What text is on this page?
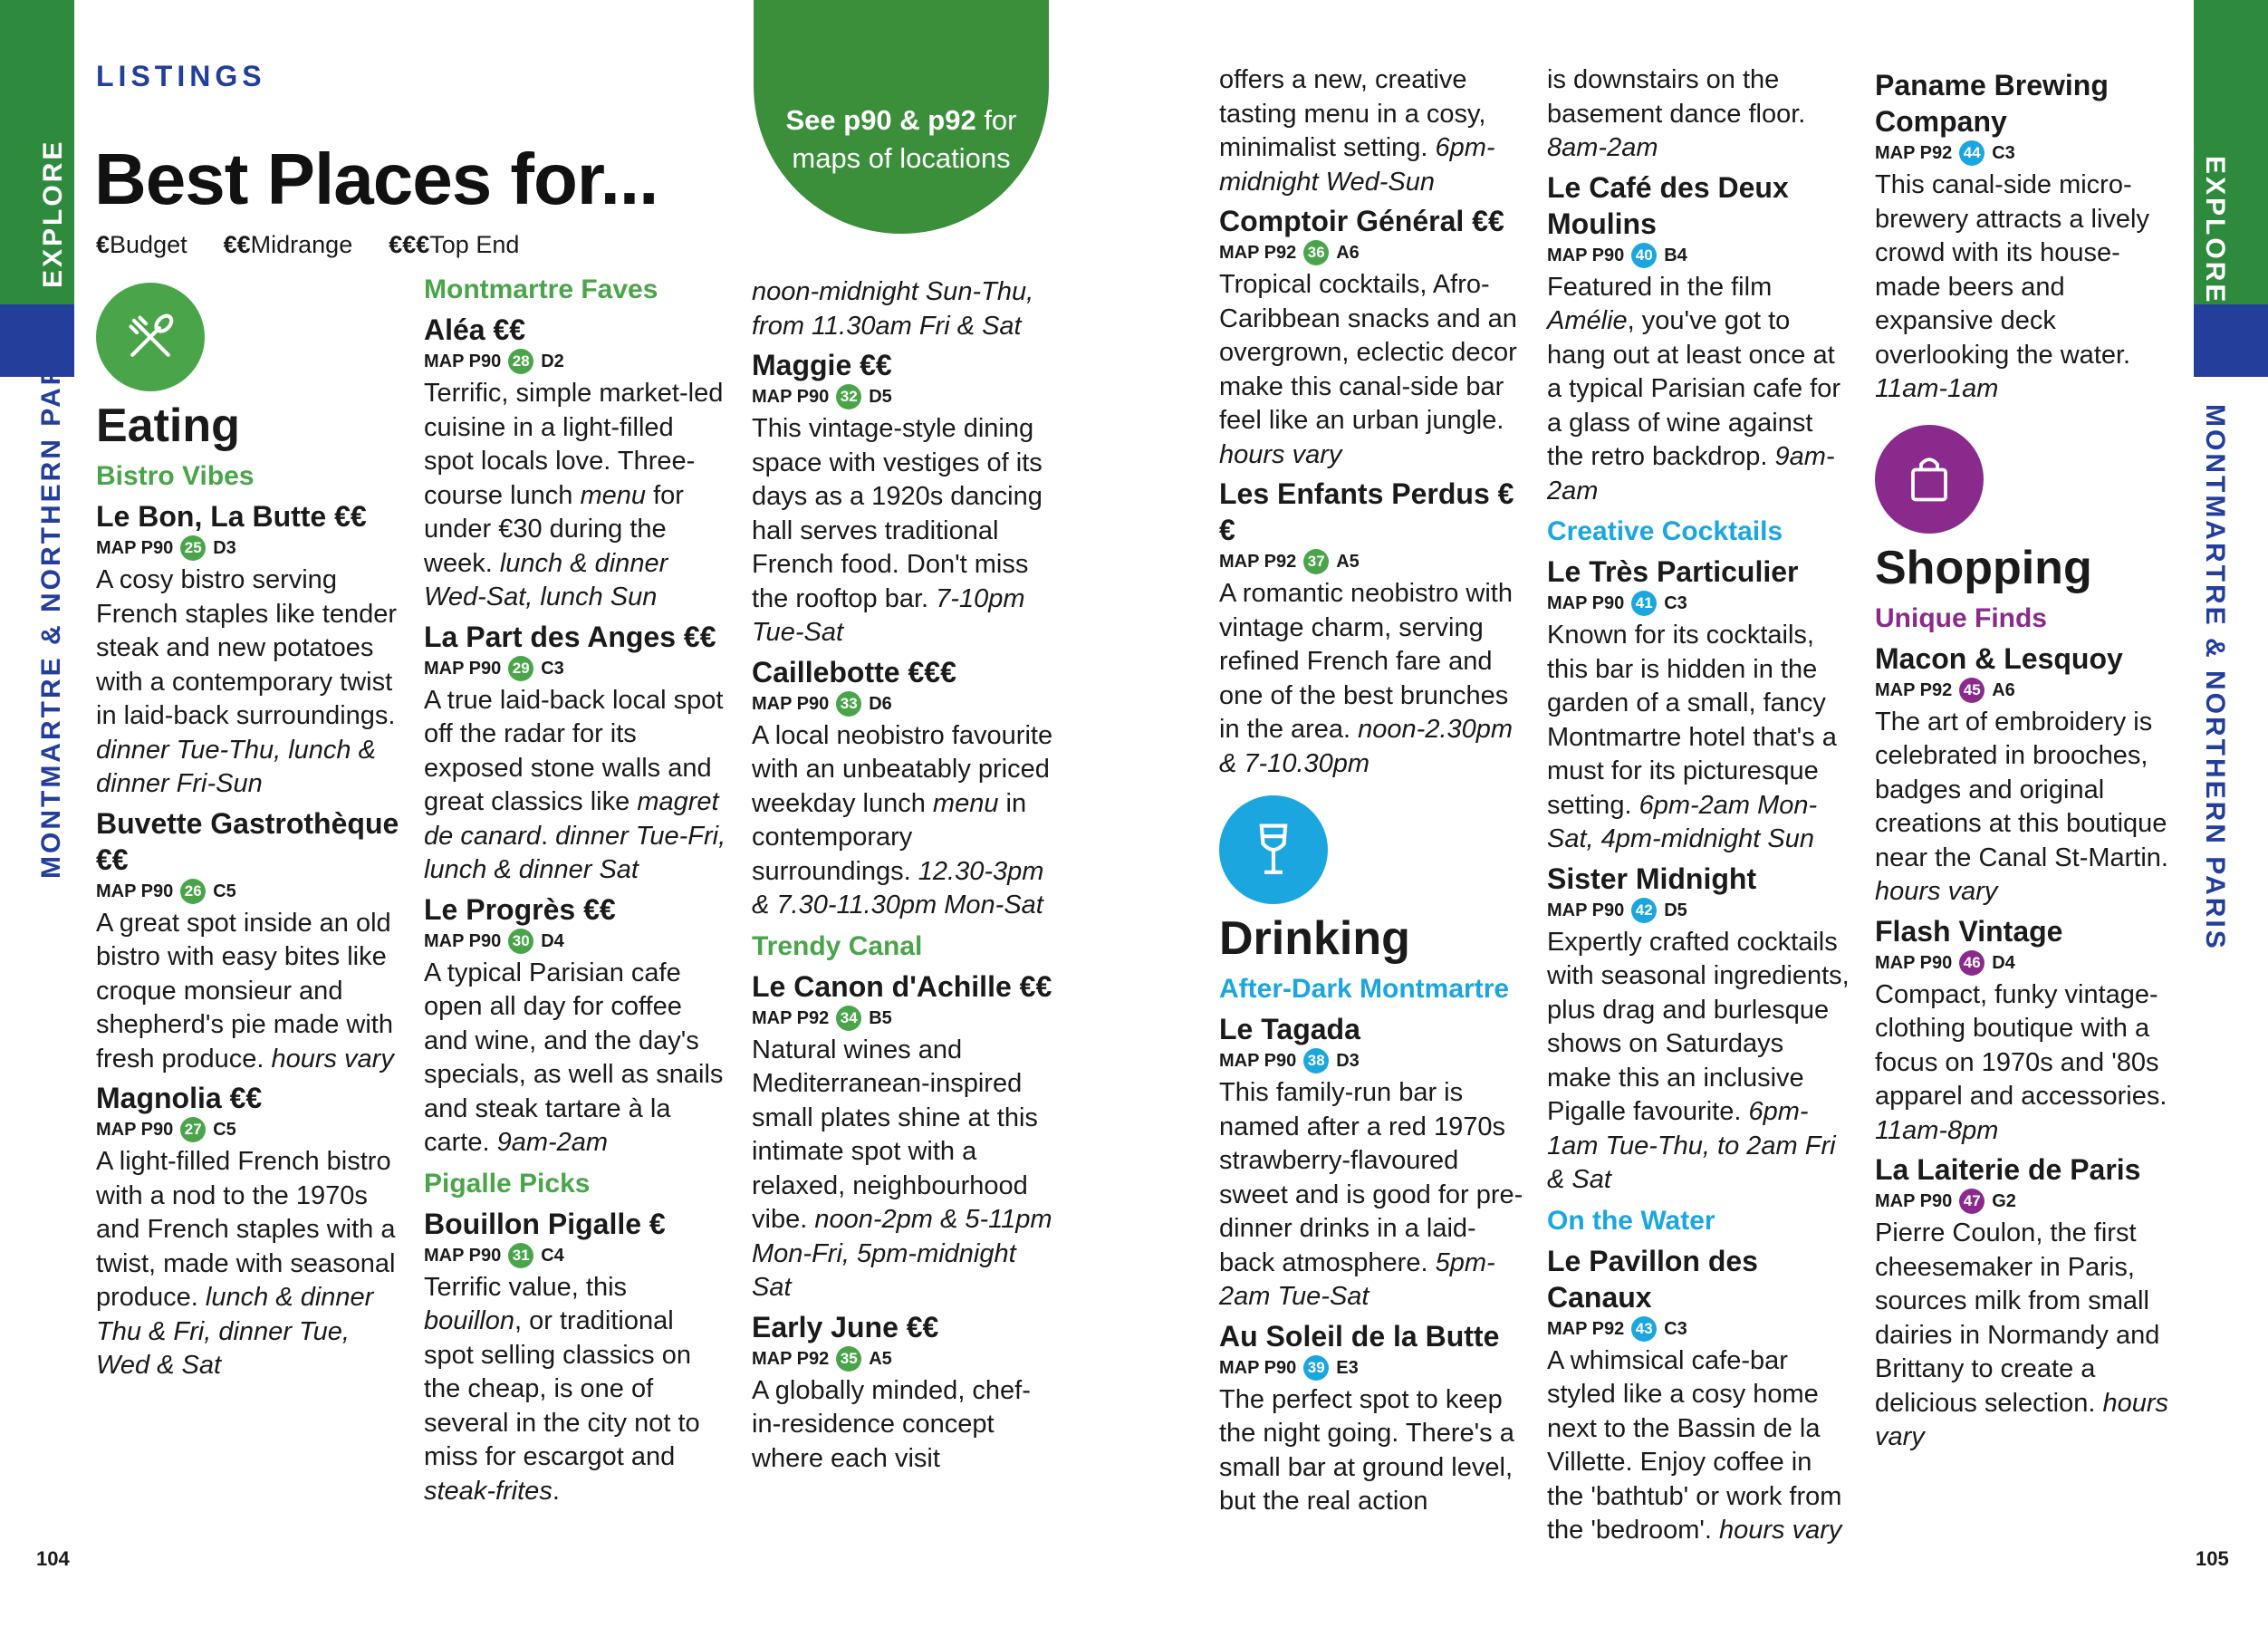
EXPLORE
MONTMARTRE & NORTHERN PARIS
EXPLORE
MONTMARTRE & NORTHERN PARIS
LISTINGS
Best Places for...
€Budget €€Midrange €€€Top End
See p90 & p92 for maps of locations
Eating
Bistro Vibes
Le Bon, La Butte €€
MAP P90 25 D3
A cosy bistro serving French staples like tender steak and new potatoes with a contemporary twist in laid-back surroundings. dinner Tue-Thu, lunch & dinner Fri-Sun
Buvette Gastrothèque €€
MAP P90 26 C5
A great spot inside an old bistro with easy bites like croque monsieur and shepherd's pie made with fresh produce. hours vary
Magnolia €€
MAP P90 27 C5
A light-filled French bistro with a nod to the 1970s and French staples with a twist, made with seasonal produce. lunch & dinner Thu & Fri, dinner Tue, Wed & Sat
Montmartre Faves
Aléa €€
MAP P90 28 D2
Terrific, simple market-led cuisine in a light-filled spot locals love. Three-course lunch menu for under €30 during the week. lunch & dinner Wed-Sat, lunch Sun
La Part des Anges €€
MAP P90 29 C3
A true laid-back local spot off the radar for its exposed stone walls and great classics like magret de canard. dinner Tue-Fri, lunch & dinner Sat
Le Progrès €€
MAP P90 30 D4
A typical Parisian cafe open all day for coffee and wine, and the day's specials, as well as snails and steak tartare à la carte. 9am-2am
Pigalle Picks
Bouillon Pigalle €
MAP P90 31 C4
Terrific value, this bouillon, or traditional spot selling classics on the cheap, is one of several in the city not to miss for escargot and steak-frites.
noon-midnight Sun-Thu, from 11.30am Fri & Sat
Maggie €€
MAP P90 32 D5
This vintage-style dining space with vestiges of its days as a 1920s dancing hall serves traditional French food. Don't miss the rooftop bar. 7-10pm Tue-Sat
Caillebotte €€€
MAP P90 33 D6
A local neobistro favourite with an unbeatably priced weekday lunch menu in contemporary surroundings. 12.30-3pm & 7.30-11.30pm Mon-Sat
Trendy Canal
Le Canon d'Achille €€
MAP P92 34 B5
Natural wines and Mediterranean-inspired small plates shine at this intimate spot with a relaxed, neighbourhood vibe. noon-2pm & 5-11pm Mon-Fri, 5pm-midnight Sat
Early June €€
MAP P92 35 A5
A globally minded, chef-in-residence concept where each visit
offers a new, creative tasting menu in a cosy, minimalist setting. 6pm-midnight Wed-Sun
Comptoir Général €€
MAP P92 36 A6
Tropical cocktails, Afro-Caribbean snacks and an overgrown, eclectic decor make this canal-side bar feel like an urban jungle. hours vary
Les Enfants Perdus €€
MAP P92 37 A5
A romantic neobistro with vintage charm, serving refined French fare and one of the best brunches in the area. noon-2.30pm & 7-10.30pm
Drinking
After-Dark Montmartre
Le Tagada
MAP P90 38 D3
This family-run bar is named after a red 1970s strawberry-flavoured sweet and is good for pre-dinner drinks in a laid-back atmosphere. 5pm-2am Tue-Sat
Au Soleil de la Butte
MAP P90 39 E3
The perfect spot to keep the night going. There's a small bar at ground level, but the real action
is downstairs on the basement dance floor. 8am-2am
Le Café des Deux Moulins
MAP P90 40 B4
Featured in the film Amélie, you've got to hang out at least once at a typical Parisian cafe for a glass of wine against the retro backdrop. 9am-2am
Creative Cocktails
Le Très Particulier
MAP P90 41 C3
Known for its cocktails, this bar is hidden in the garden of a small, fancy Montmartre hotel that's a must for its picturesque setting. 6pm-2am Mon-Sat, 4pm-midnight Sun
Sister Midnight
MAP P90 42 D5
Expertly crafted cocktails with seasonal ingredients, plus drag and burlesque shows on Saturdays make this an inclusive Pigalle favourite. 6pm-1am Tue-Thu, to 2am Fri & Sat
On the Water
Le Pavillon des Canaux
MAP P92 43 C3
A whimsical cafe-bar styled like a cosy home next to the Bassin de la Villette. Enjoy coffee in the 'bathtub' or work from the 'bedroom'. hours vary
Paname Brewing Company
MAP P92 44 C3
This canal-side micro-brewery attracts a lively crowd with its house-made beers and expansive deck overlooking the water. 11am-1am
Shopping
Unique Finds
Macon & Lesquoy
MAP P92 45 A6
The art of embroidery is celebrated in brooches, badges and original creations at this boutique near the Canal St-Martin. hours vary
Flash Vintage
MAP P90 46 D4
Compact, funky vintage-clothing boutique with a focus on 1970s and '80s apparel and accessories. 11am-8pm
La Laiterie de Paris
MAP P90 47 G2
Pierre Coulon, the first cheesemaker in Paris, sources milk from small dairies in Normandy and Brittany to create a delicious selection. hours vary
104	105
